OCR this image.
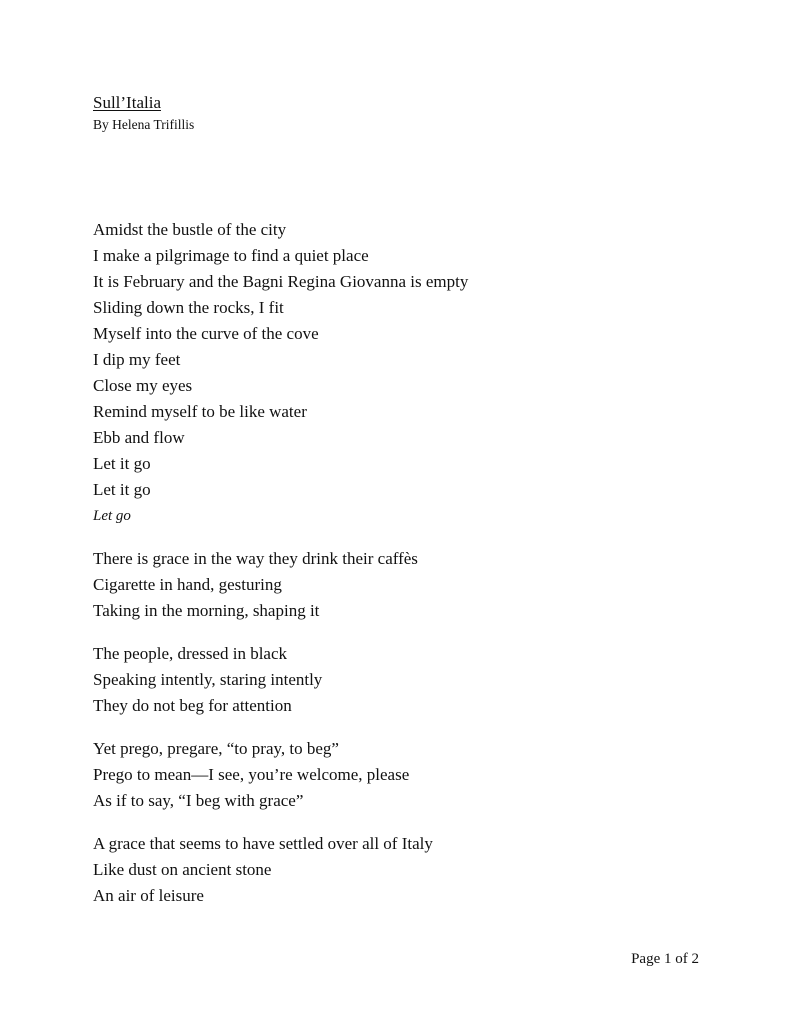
Sull’Italia
By Helena Trifillis
Amidst the bustle of the city
I make a pilgrimage to find a quiet place
It is February and the Bagni Regina Giovanna is empty
Sliding down the rocks, I fit
Myself into the curve of the cove
I dip my feet
Close my eyes
Remind myself to be like water
Ebb and flow
Let it go
Let it go
Let go
There is grace in the way they drink their caffès
Cigarette in hand, gesturing
Taking in the morning, shaping it
The people, dressed in black
Speaking intently, staring intently
They do not beg for attention
Yet prego, pregare, “to pray, to beg”
Prego to mean—I see, you’re welcome, please
As if to say, “I beg with grace”
A grace that seems to have settled over all of Italy
Like dust on ancient stone
An air of leisure
Page 1 of 2
